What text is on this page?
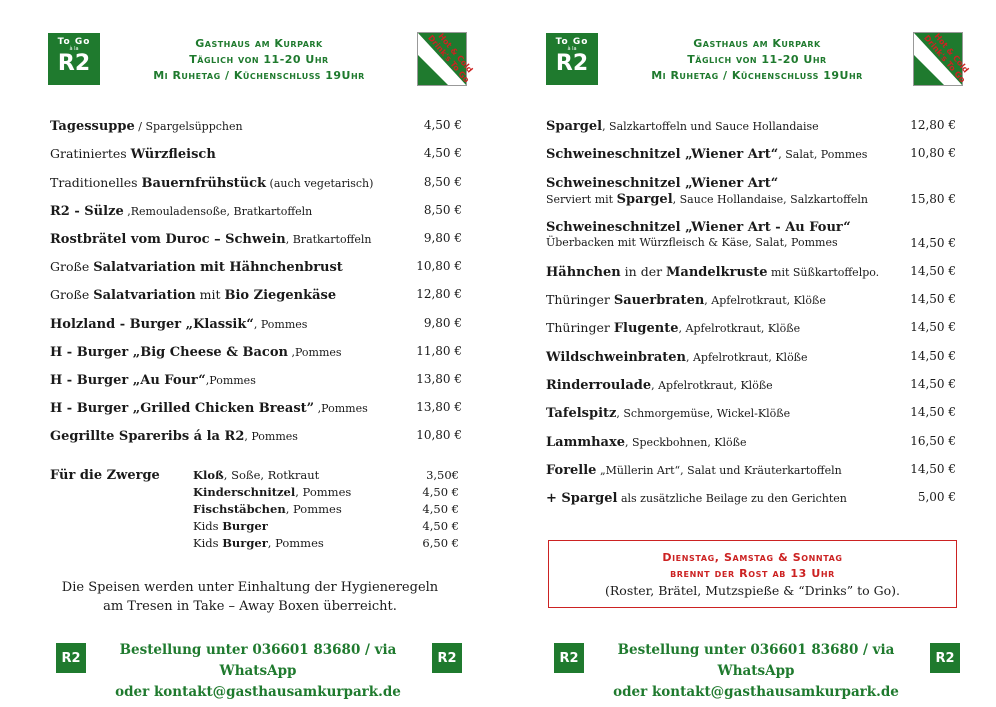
To Go
à la
R2
Gasthaus am Kurpark
Täglich von 11-20 Uhr
Mi Ruhetag / Küchenschluss 19Uhr
Hot & Cold Drink's To Go
Tagessuppe / Spargelsüppchen	4,50 €
Gratiniertes Würzfleisch	4,50 €
Traditionelles Bauernfrühstück (auch vegetarisch)	8,50 €
R2 - Sülze ,Remouladensoße, Bratkartoffeln	8,50 €
Rostbrätel vom Duroc – Schwein, Bratkartoffeln	9,80 €
Große Salatvariation mit Hähnchenbrust	10,80 €
Große Salatvariation mit Bio Ziegenkäse	12,80 €
Holzland - Burger „Klassik“, Pommes	9,80 €
H - Burger „Big Cheese & Bacon ,Pommes	11,80 €
H - Burger „Au Four“,Pommes	13,80 €
H - Burger „Grilled Chicken Breast” ,Pommes	13,80 €
Gegrillte Spareribs á la R2, Pommes	10,80 €
Für die Zwerge	Kloß, Soße, Rotkraut	3,50€
Kinderschnitzel, Pommes	4,50 €
Fischstäbchen, Pommes	4,50 €
Kids Burger	4,50 €
Kids Burger, Pommes	6,50 €
Die Speisen werden unter Einhaltung der Hygieneregeln
am Tresen in Take – Away Boxen überreicht.
R2
Bestellung unter 036601 83680 / via WhatsApp
oder kontakt@gasthausamkurpark.de
R2
To Go
à la
R2
Gasthaus am Kurpark
Täglich von 11-20 Uhr
Mi Ruhetag / Küchenschluss 19Uhr
Hot & Cold Drink's To Go
Spargel, Salzkartoffeln und Sauce Hollandaise	12,80 €
Schweineschnitzel „Wiener Art“, Salat, Pommes	10,80 €
Schweineschnitzel „Wiener Art“
Serviert mit Spargel, Sauce Hollandaise, Salzkartoffeln	15,80 €
Schweineschnitzel „Wiener Art - Au Four“
Überbacken mit Würzfleisch & Käse, Salat, Pommes	14,50 €
Hähnchen in der Mandelkruste mit Süßkartoffelpo.	14,50 €
Thüringer Sauerbraten, Apfelrotkraut, Klöße	14,50 €
Thüringer Flugente, Apfelrotkraut, Klöße	14,50 €
Wildschweinbraten, Apfelrotkraut, Klöße	14,50 €
Rinderroulade, Apfelrotkraut, Klöße	14,50 €
Tafelspitz, Schmorgemüse, Wickel-Klöße	14,50 €
Lammhaxe, Speckbohnen, Klöße	16,50 €
Forelle „Müllerin Art“, Salat und Kräuterkartoffeln	14,50 €
+ Spargel als zusätzliche Beilage zu den Gerichten	5,00 €
R2
Bestellung unter 036601 83680 / via WhatsApp
oder kontakt@gasthausamkurpark.de
R2
Dienstag, Samstag & Sonntag
brennt der Rost ab 13 Uhr
(Roster, Brätel, Mutzspieße & “Drinks” to Go).
